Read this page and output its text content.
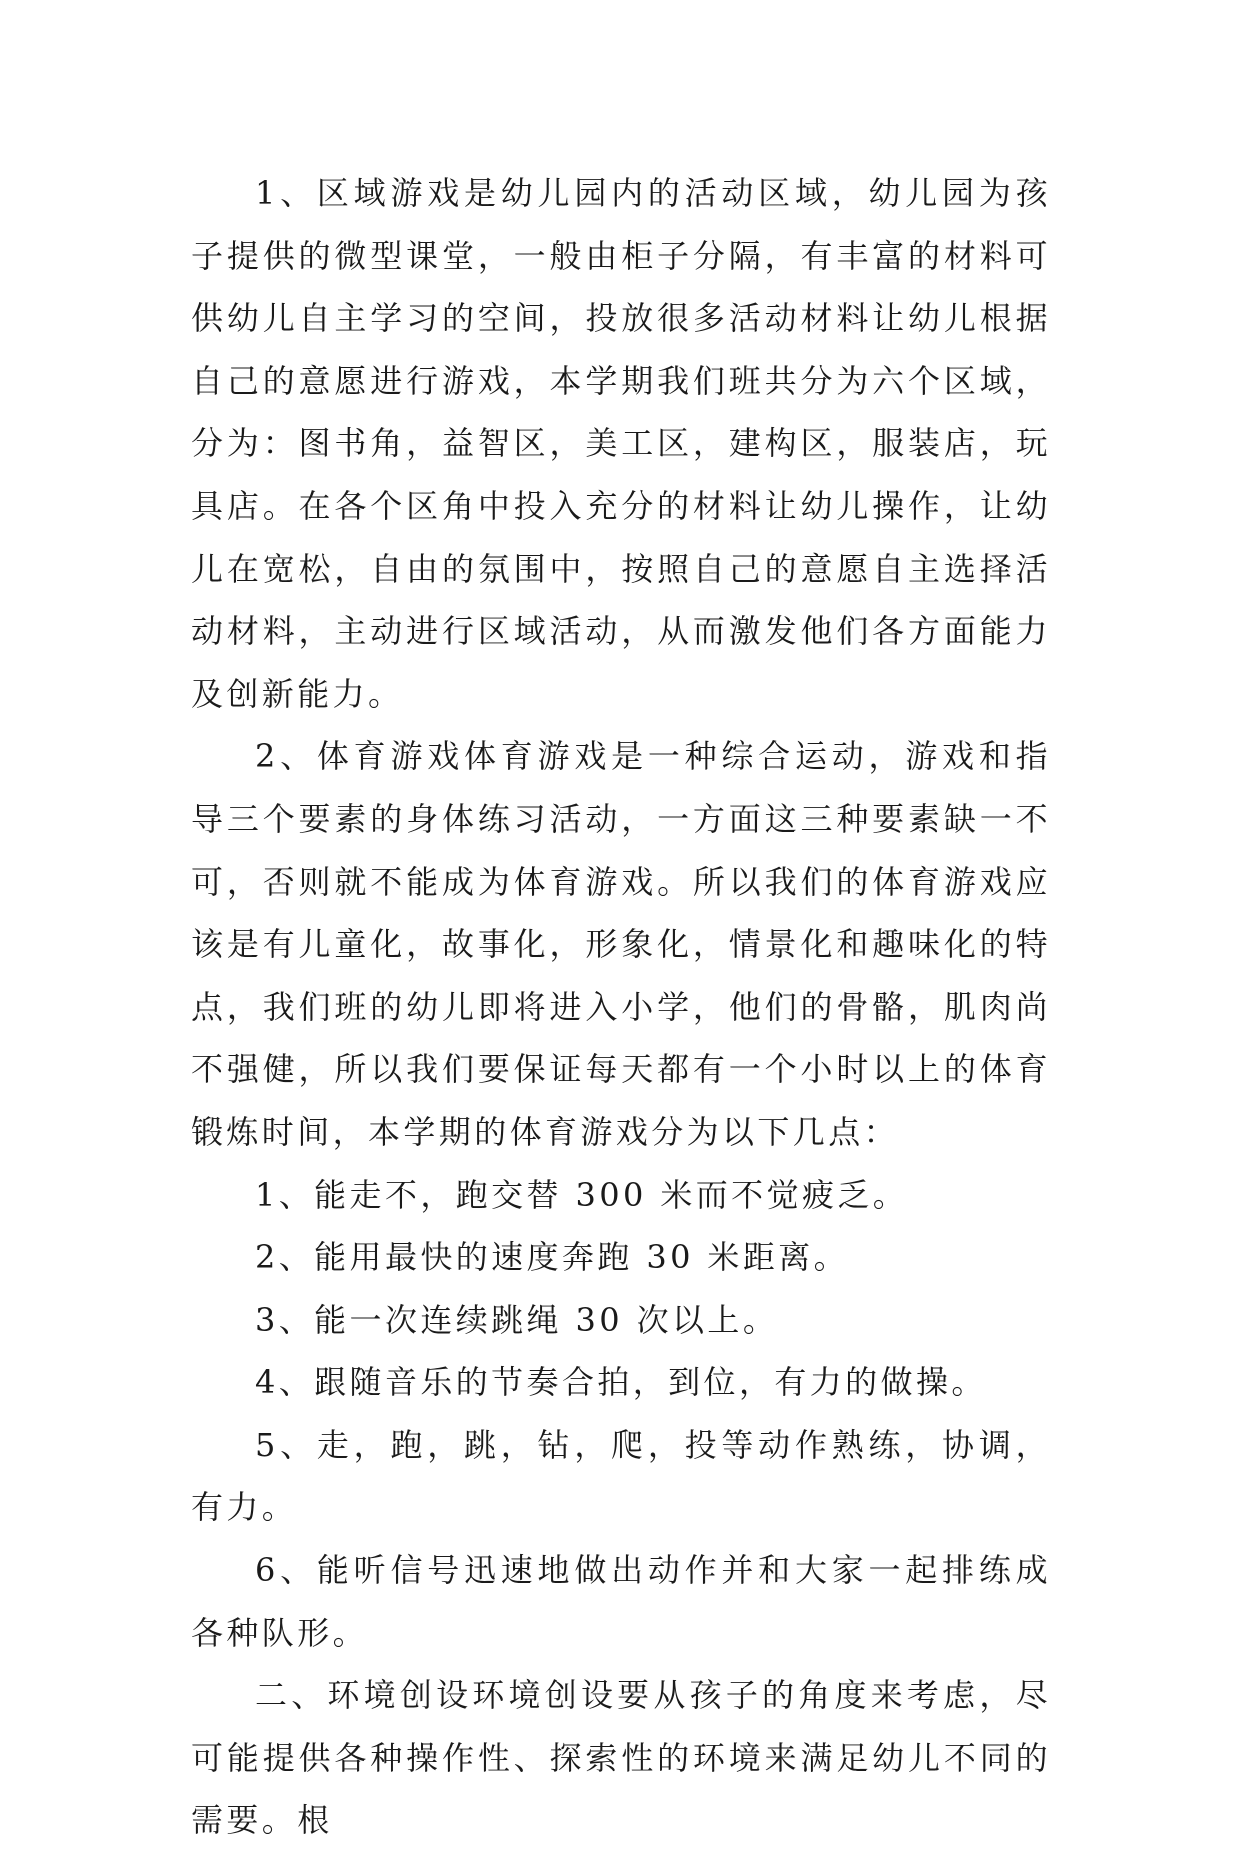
1、区域游戏是幼儿园内的活动区域，幼儿园为孩子提供的微型课堂，一般由柜子分隔，有丰富的材料可供幼儿自主学习的空间，投放很多活动材料让幼儿根据自己的意愿进行游戏，本学期我们班共分为六个区域，分为：图书角，益智区，美工区，建构区，服装店，玩具店。在各个区角中投入充分的材料让幼儿操作，让幼儿在宽松，自由的氛围中，按照自己的意愿自主选择活动材料，主动进行区域活动，从而激发他们各方面能力及创新能力。

2、体育游戏体育游戏是一种综合运动，游戏和指导三个要素的身体练习活动，一方面这三种要素缺一不可，否则就不能成为体育游戏。所以我们的体育游戏应该是有儿童化，故事化，形象化，情景化和趣味化的特点，我们班的幼儿即将进入小学，他们的骨骼，肌肉尚不强健，所以我们要保证每天都有一个小时以上的体育锻炼时间，本学期的体育游戏分为以下几点：

1、能走不，跑交替 300 米而不觉疲乏。

2、能用最快的速度奔跑 30 米距离。

3、能一次连续跳绳 30 次以上。

4、跟随音乐的节奏合拍，到位，有力的做操。

5、走，跑，跳，钻，爬，投等动作熟练，协调，有力。

6、能听信号迅速地做出动作并和大家一起排练成各种队形。

二、环境创设环境创设要从孩子的角度来考虑，尽可能提供各种操作性、探索性的环境来满足幼儿不同的需要。根
